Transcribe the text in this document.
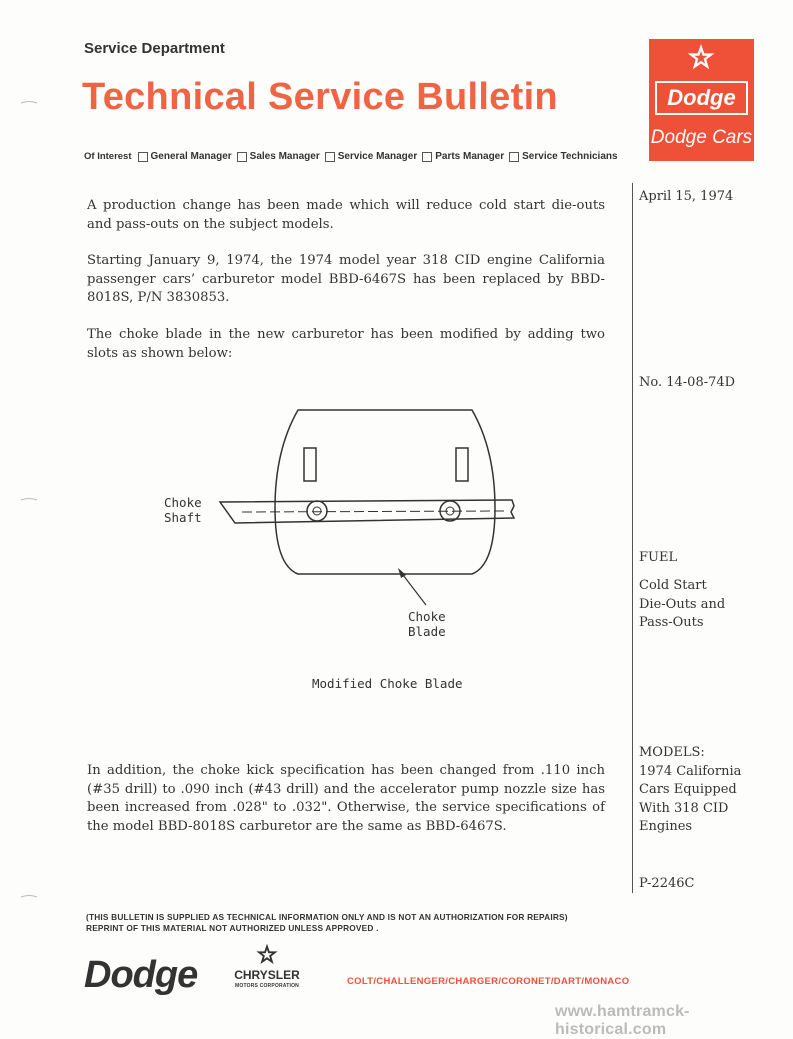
Service Department
Technical Service Bulletin
Of Interest General Manager Sales Manager Service Manager Parts Manager Service Technicians
Dodge
Dodge Cars
A production change has been made which will reduce cold start die-outs and pass-outs on the subject models.
Starting January 9, 1974, the 1974 model year 318 CID engine California passenger cars’ carburetor model BBD-6467S has been replaced by BBD-8018S, P/N 3830853.
The choke blade in the new carburetor has been modified by adding two slots as shown below:
Choke
Shaft
Choke
Blade
Modified Choke Blade
In addition, the choke kick specification has been changed from .110 inch (#35 drill) to .090 inch (#43 drill) and the accelerator pump nozzle size has been increased from .028" to .032". Otherwise, the service specifications of the model BBD-8018S carburetor are the same as BBD-6467S.
April 15, 1974
No. 14-08-74D
FUEL
Cold Start
Die-Outs and
Pass-Outs
MODELS:
1974 California
Cars Equipped
With 318 CID
Engines
P-2246C
(THIS BULLETIN IS SUPPLIED AS TECHNICAL INFORMATION ONLY AND IS NOT AN AUTHORIZATION FOR REPAIRS)
REPRINT OF THIS MATERIAL NOT AUTHORIZED UNLESS APPROVED .
Dodge	CHRYSLER
MOTORS CORPORATION	COLT/CHALLENGER/CHARGER/CORONET/DART/MONACO
www.hamtramck-historical.com
